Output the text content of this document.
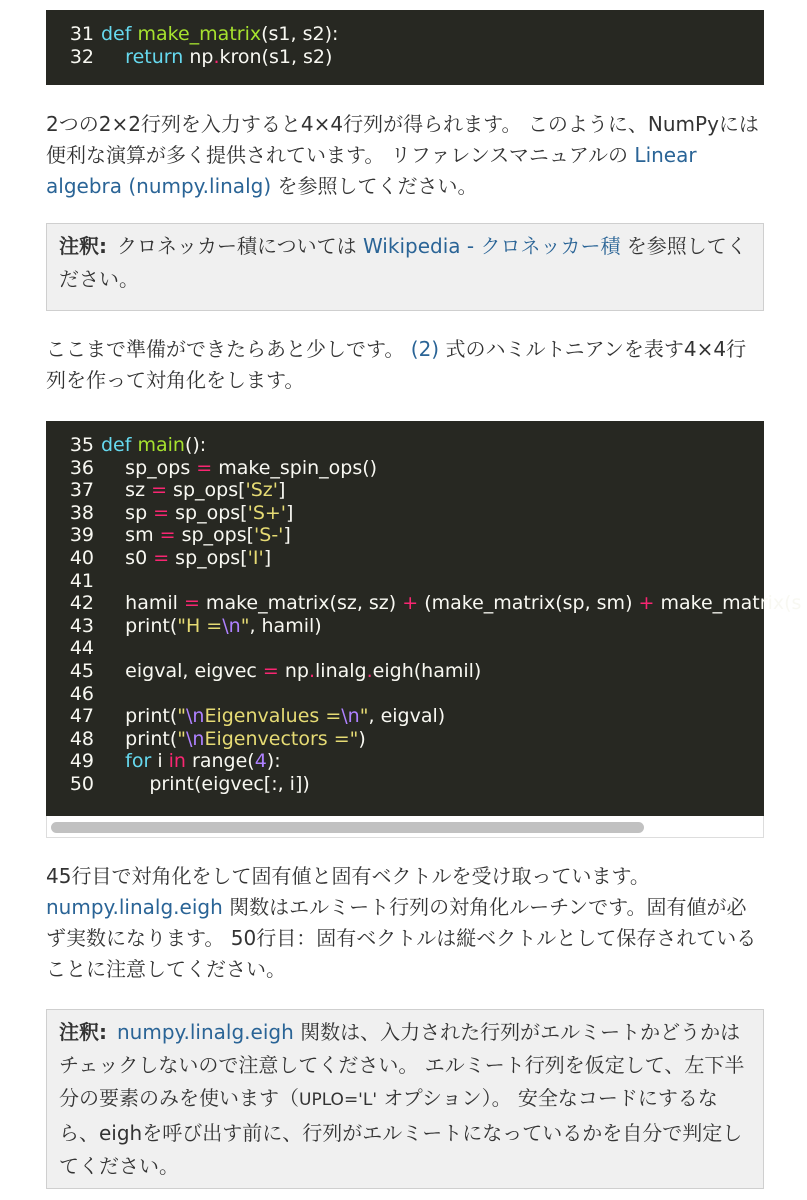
31 def make_matrix(s1, s2):
32 return np.kron(s1, s2)

2つの2×2行列を入力すると4×4行列が得られます。 このように、NumPyには便利な演算が多く提供されています。 リファレンスマニュアルの Linear algebra (numpy.linalg) を参照してください。

注釈: クロネッカー積については Wikipedia - クロネッカー積 を参照してください。

ここまで準備ができたらあと少しです。 (2) 式のハミルトニアンを表す4×4行列を作って対角化をします。

35 def main():
36 sp_ops = make_spin_ops()
37 sz = sp_ops['Sz']
38 sp = sp_ops['S+']
39 sm = sp_ops['S-']
40 s0 = sp_ops['I']
41
42 hamil = make_matrix(sz, sz) + (make_matrix(sp, sm) + make_matrix(s
43 print("H =\n", hamil)
44
45 eigval, eigvec = np.linalg.eigh(hamil)
46
47 print("\nEigenvalues =\n", eigval)
48 print("\nEigenvectors =")
49 for i in range(4):
50	print(eigvec[:, i])

45行目で対角化をして固有値と固有ベクトルを受け取っています。
numpy.linalg.eigh 関数はエルミート行列の対角化ルーチンです。固有値が必ず実数になります。 50行目：固有ベクトルは縦ベクトルとして保存されていることに注意してください。

注釈: numpy.linalg.eigh 関数は、入力された行列がエルミートかどうかはチェックしないので注意してください。 エルミート行列を仮定して、左下半分の要素のみを使います（UPLO='L' オプション）。 安全なコードにするなら、eighを呼び出す前に、行列がエルミートになっているかを自分で判定してください。
